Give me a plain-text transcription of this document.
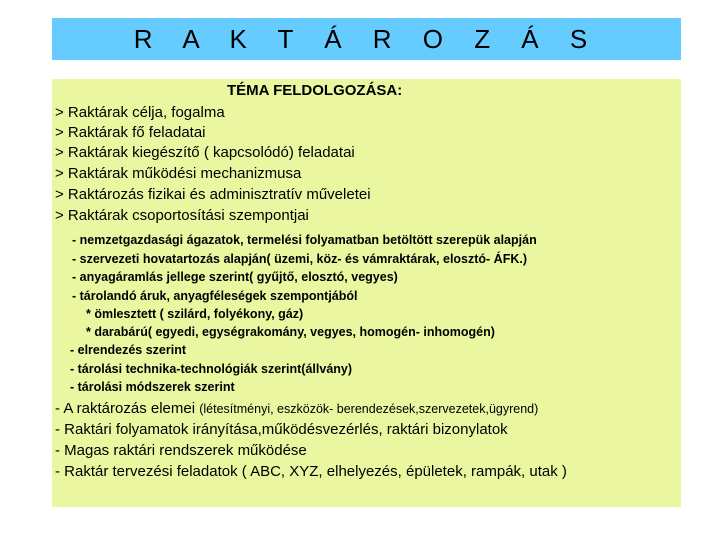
R A K T Á R O Z Á S
TÉMA FELDOLGOZÁSA:
> Raktárak célja, fogalma
> Raktárak fő feladatai
> Raktárak kiegészítő ( kapcsolódó) feladatai
> Raktárak működési mechanizmusa
> Raktározás fizikai és adminisztratív műveletei
> Raktárak csoportosítási szempontjai
- nemzetgazdasági ágazatok, termelési folyamatban betöltött szerepük alapján
- szervezeti hovatartozás alapján( üzemi, köz- és vámraktárak, elosztó- ÁFK.)
- anyagáramlás jellege szerint( gyűjtő, elosztó, vegyes)
- tárolandó áruk, anyagféleségek szempontjából
* ömlesztett ( szilárd, folyékony, gáz)
* darabárú( egyedi, egységrakomány, vegyes, homogén- inhomogén)
- elrendezés szerint
- tárolási technika-technológiák szerint(állvány)
- tárolási módszerek szerint
- A raktározás elemei (létesítményi, eszközök- berendezések,szervezetek,ügyrend)
- Raktári folyamatok irányítása,működésvezérlés, raktári bizonylatok
- Magas raktári rendszerek működése
- Raktár tervezési feladatok ( ABC, XYZ, elhelyezés, épületek, rampák, utak )
